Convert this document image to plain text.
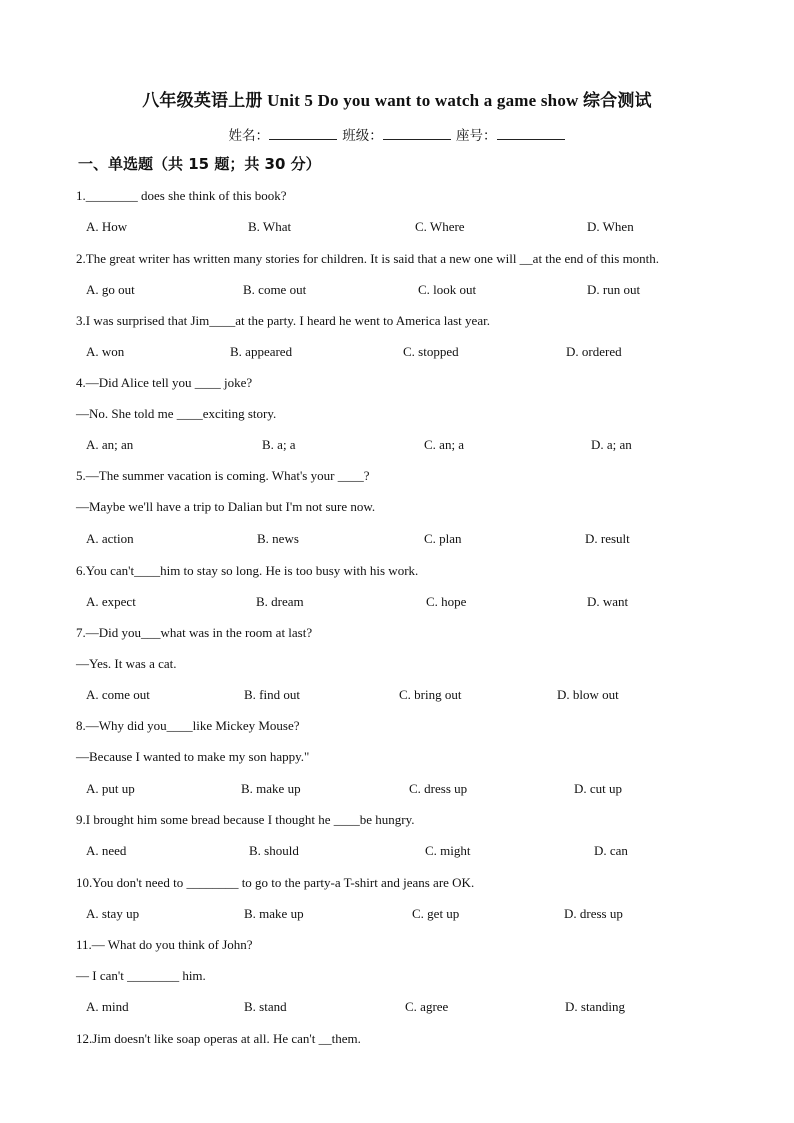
八年级英语上册 Unit 5 Do you want to watch a game show 综合测试
姓名：	班级：	座号：
一、单选题（共 15 题；共 30 分）
1.________ does she think of this book?
A. How	B. What	C. Where	D. When
2.The great writer has written many stories for children. It is said that a new one will __at the end of this month.
A. go out	B. come out	C. look out	D. run out
3.I was surprised that Jim____at the party. I heard he went to America last year.
A. won	B. appeared	C. stopped	D. ordered
4.—Did Alice tell you ____ joke?
—No. She told me ____exciting story.
A. an; an	B. a; a	C. an; a	D. a; an
5.—The summer vacation is coming. What's your ____?
—Maybe we'll have a trip to Dalian but I'm not sure now.
A. action	B. news	C. plan	D. result
6.You can't____him to stay so long. He is too busy with his work.
A. expect	B. dream	C. hope	D. want
7.—Did you___what was in the room at last?
—Yes. It was a cat.
A. come out	B. find out	C. bring out	D. blow out
8.—Why did you____like Mickey Mouse?
—Because I wanted to make my son happy."
A. put up	B. make up	C. dress up	D. cut up
9.I brought him some bread because I thought he ____be hungry.
A. need	B. should	C. might	D. can
10.You don't need to ________ to go to the party-a T-shirt and jeans are OK.
A. stay up	B. make up	C. get up	D. dress up
11.— What do you think of John?
— I can't ________ him.
A. mind	B. stand	C. agree	D. standing
12.Jim doesn't like soap operas at all. He can't __them.
